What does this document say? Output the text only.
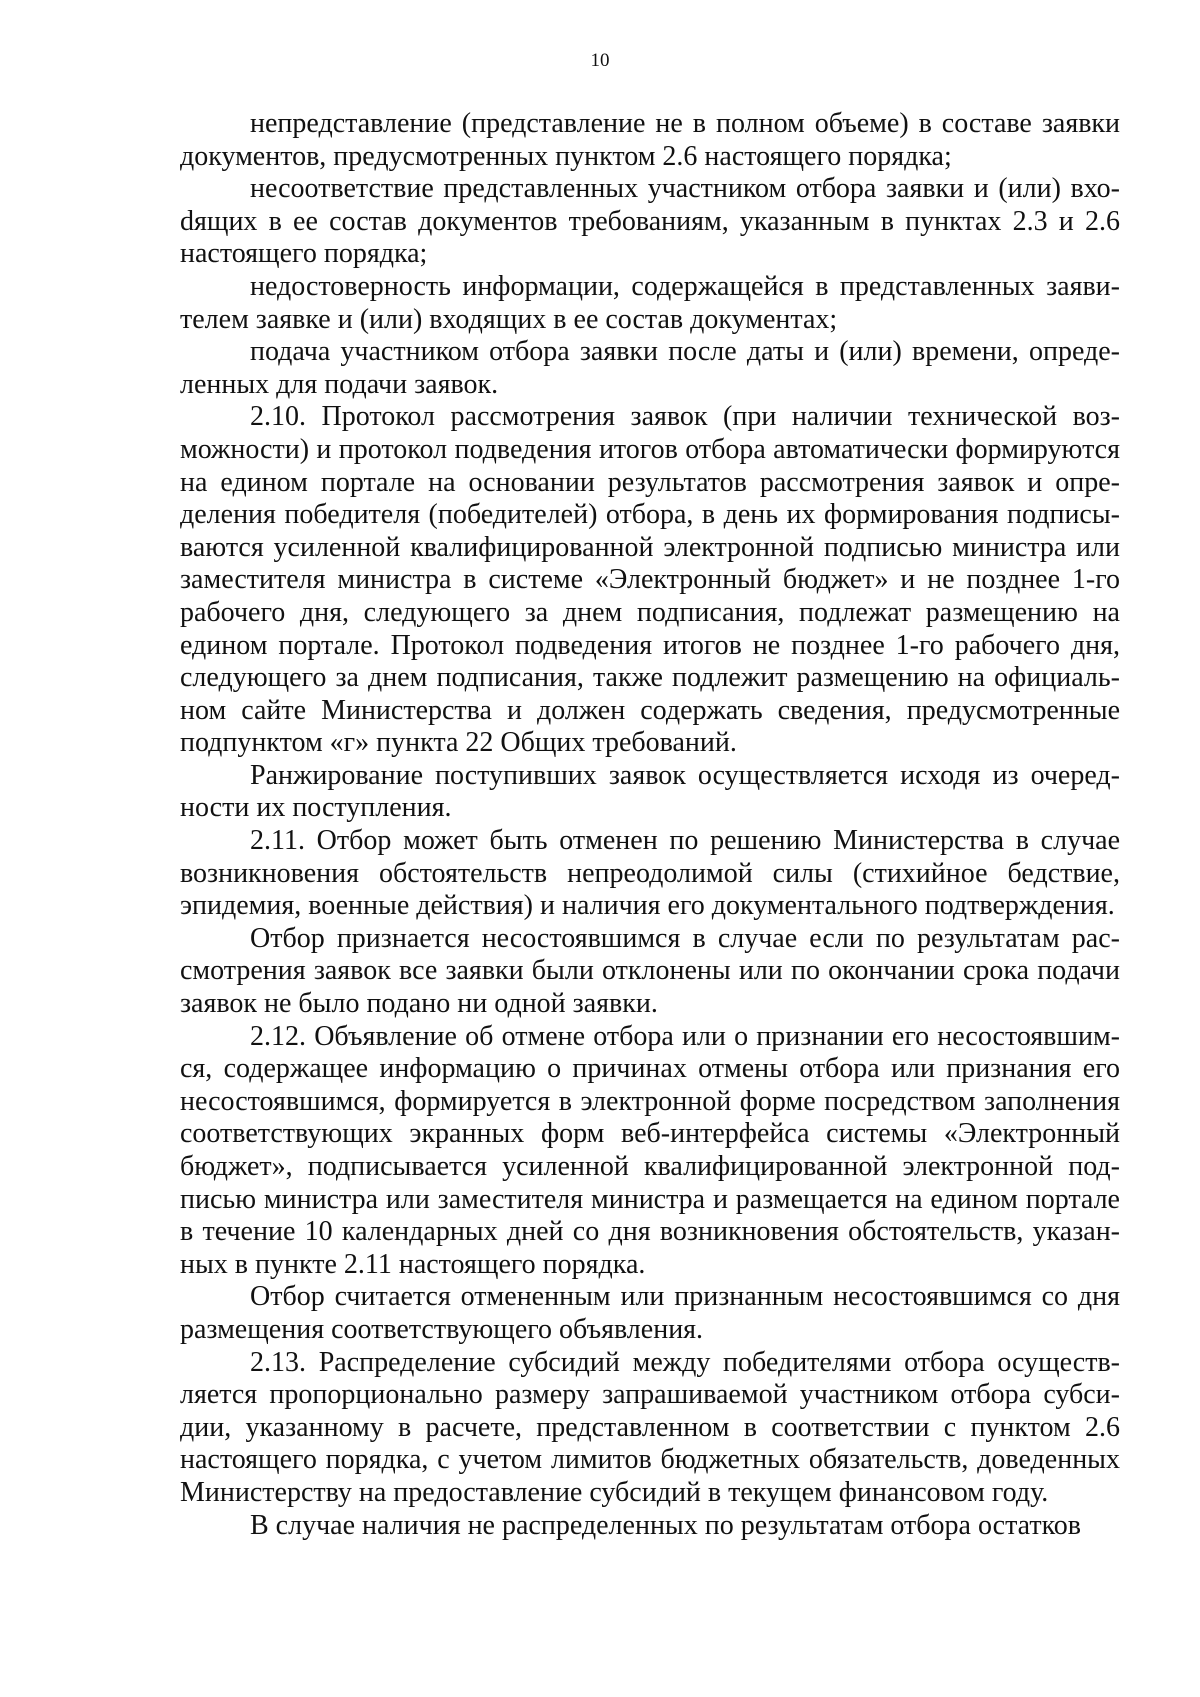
10

непредставление (представление не в полном объеме) в составе заявки документов, предусмотренных пунктом 2.6 настоящего порядка;

несоответствие представленных участником отбора заявки и (или) вхоdящих в ее состав документов требованиям, указанным в пунктах 2.3 и 2.6 настоящего порядка;

недостоверность информации, содержащейся в представленных заявителем заявке и (или) входящих в ее состав документах;

подача участником отбора заявки после даты и (или) времени, определенных для подачи заявок.

2.10. Протокол рассмотрения заявок (при наличии технической возможности) и протокол подведения итогов отбора автоматически формируются на едином портале на основании результатов рассмотрения заявок и определения победителя (победителей) отбора, в день их формирования подписываются усиленной квалифицированной электронной подписью министра или заместителя министра в системе «Электронный бюджет» и не позднее 1-го рабочего дня, следующего за днем подписания, подлежат размещению на едином портале. Протокол подведения итогов не позднее 1-го рабочего дня, следующего за днем подписания, также подлежит размещению на официальном сайте Министерства и должен содержать сведения, предусмотренные подпунктом «г» пункта 22 Общих требований.

Ранжирование поступивших заявок осуществляется исходя из очередности их поступления.

2.11. Отбор может быть отменен по решению Министерства в случае возникновения обстоятельств непреодолимой силы (стихийное бедствие, эпидемия, военные действия) и наличия его документального подтверждения.

Отбор признается несостоявшимся в случае если по результатам рассмотрения заявок все заявки были отклонены или по окончании срока подачи заявок не было подано ни одной заявки.

2.12. Объявление об отмене отбора или о признании его несостоявшимся, содержащее информацию о причинах отмены отбора или признания его несостоявшимся, формируется в электронной форме посредством заполнения соответствующих экранных форм веб-интерфейса системы «Электронный бюджет», подписывается усиленной квалифицированной электронной подписью министра или заместителя министра и размещается на едином портале в течение 10 календарных дней со дня возникновения обстоятельств, указанных в пункте 2.11 настоящего порядка.

Отбор считается отмененным или признанным несостоявшимся со дня размещения соответствующего объявления.

2.13. Распределение субсидий между победителями отбора осуществляется пропорционально размеру запрашиваемой участником отбора субсидии, указанному в расчете, представленном в соответствии с пунктом 2.6 настоящего порядка, с учетом лимитов бюджетных обязательств, доведенных Министерству на предоставление субсидий в текущем финансовом году.

В случае наличия не распределенных по результатам отбора остатков
